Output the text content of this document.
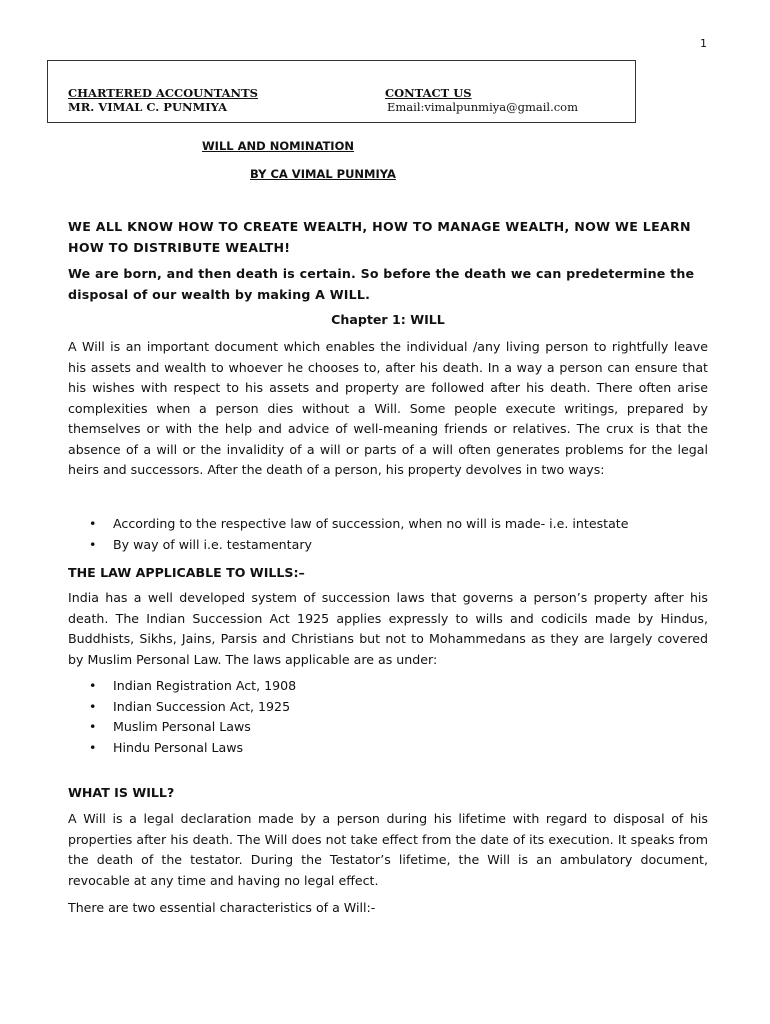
1
CHARTERED ACCOUNTANTS
MR. VIMAL C. PUNMIYA
CONTACT US
Email:vimalpunmiya@gmail.com
WILL AND NOMINATION
BY CA VIMAL PUNMIYA
WE ALL KNOW HOW TO CREATE WEALTH, HOW TO MANAGE WEALTH, NOW WE LEARN HOW TO DISTRIBUTE WEALTH!
We are born, and then death is certain. So before the death we can predetermine the disposal of our wealth by making A WILL.
Chapter 1: WILL
A Will is an important document which enables the individual /any living person to rightfully leave his assets and wealth to whoever he chooses to, after his death. In a way a person can ensure that his wishes with respect to his assets and property are followed after his death. There often arise complexities when a person dies without a Will. Some people execute writings, prepared by themselves or with the help and advice of well-meaning friends or relatives. The crux is that the absence of a will or the invalidity of a will or parts of a will often generates problems for the legal heirs and successors. After the death of a person, his property devolves in two ways:
• According to the respective law of succession, when no will is made- i.e. intestate
• By way of will i.e. testamentary
THE LAW APPLICABLE TO WILLS:–
India has a well developed system of succession laws that governs a person’s property after his death. The Indian Succession Act 1925 applies expressly to wills and codicils made by Hindus, Buddhists, Sikhs, Jains, Parsis and Christians but not to Mohammedans as they are largely covered by Muslim Personal Law. The laws applicable are as under:
• Indian Registration Act, 1908
• Indian Succession Act, 1925
• Muslim Personal Laws
• Hindu Personal Laws
WHAT IS WILL?
A Will is a legal declaration made by a person during his lifetime with regard to disposal of his properties after his death. The Will does not take effect from the date of its execution. It speaks from the death of the testator. During the Testator’s lifetime, the Will is an ambulatory document, revocable at any time and having no legal effect.
There are two essential characteristics of a Will:-
